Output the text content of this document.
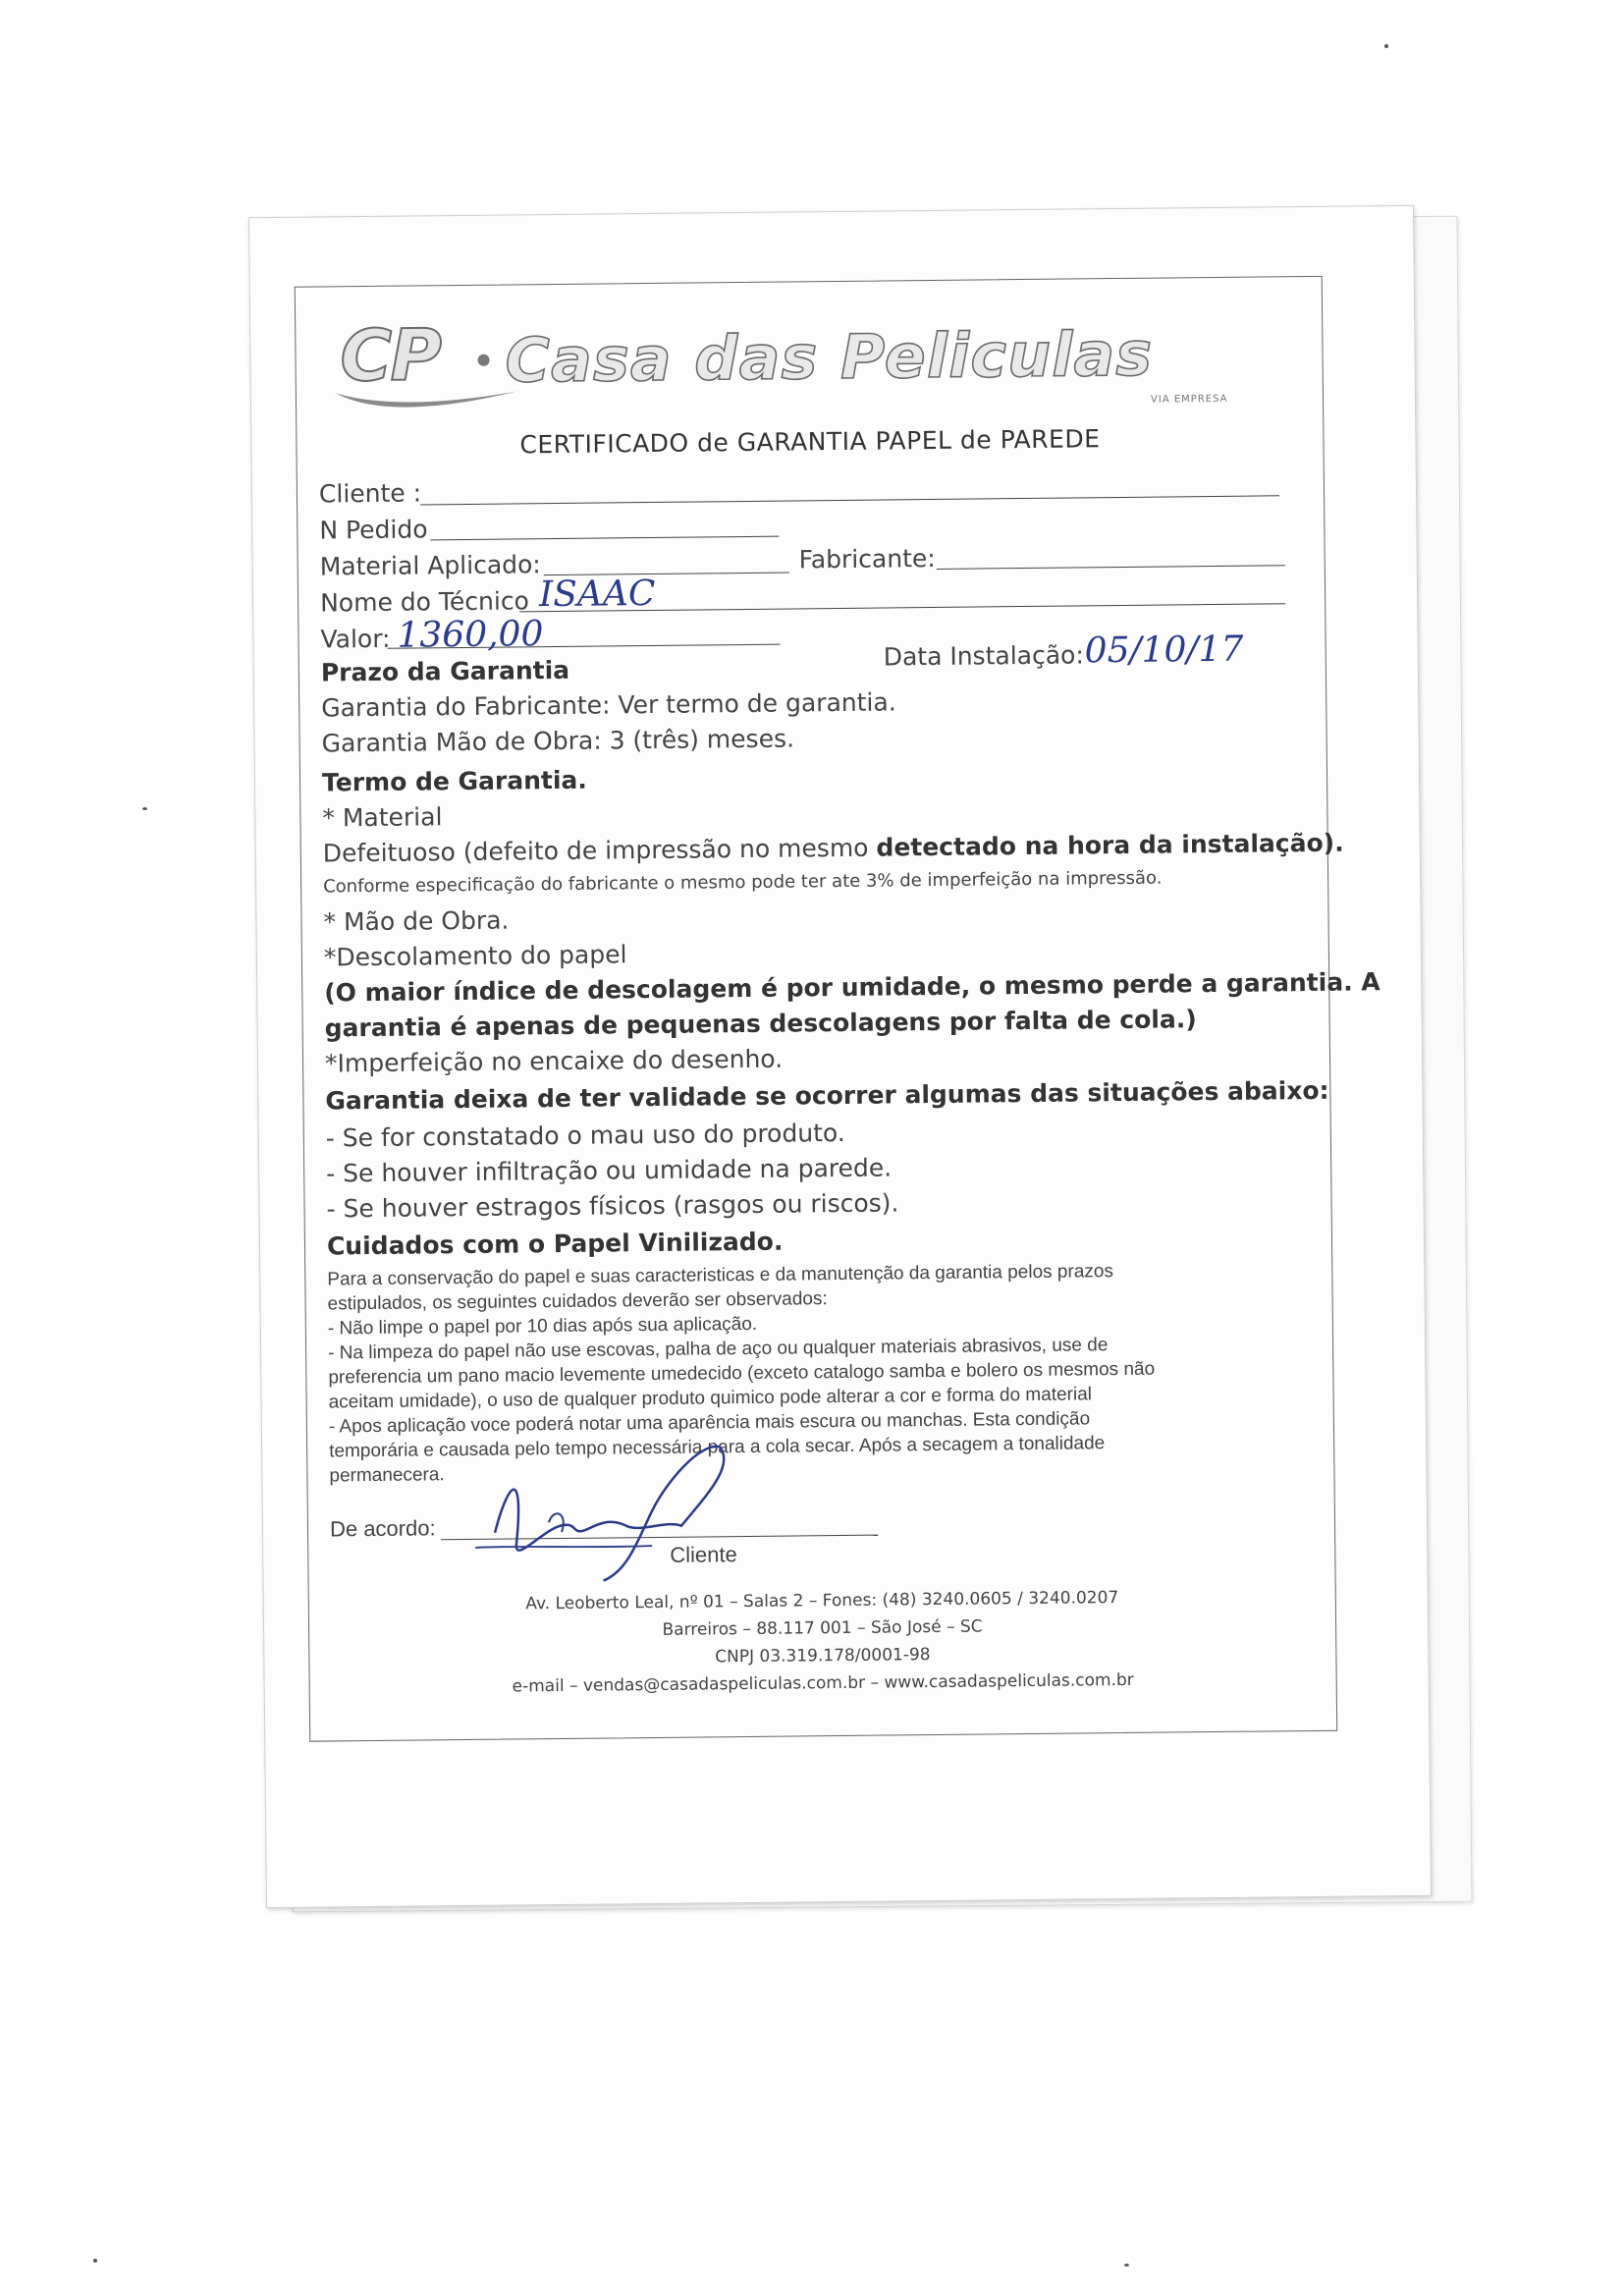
CP Casa das Peliculas
VIA EMPRESA
CERTIFICADO de GARANTIA PAPEL de PAREDE
Cliente :
N Pedido
Material Aplicado:	Fabricante:
Nome do Técnico ISAAC
Valor: 1360,00
Prazo da Garantia	Data Instalação: 05/10/17
Garantia do Fabricante: Ver termo de garantia.
Garantia Mão de Obra: 3 (três) meses.
Termo de Garantia.
* Material
Defeituoso (defeito de impressão no mesmo detectado na hora da instalação).
Conforme especificação do fabricante o mesmo pode ter ate 3% de imperfeição na impressão.
* Mão de Obra.
*Descolamento do papel
(O maior índice de descolagem é por umidade, o mesmo perde a garantia. A
garantia é apenas de pequenas descolagens por falta de cola.)
*Imperfeição no encaixe do desenho.
Garantia deixa de ter validade se ocorrer algumas das situações abaixo:
- Se for constatado o mau uso do produto.
- Se houver infiltração ou umidade na parede.
- Se houver estragos físicos (rasgos ou riscos).
Cuidados com o Papel Vinilizado.
Para a conservação do papel e suas caracteristicas e da manutenção da garantia pelos prazos
estipulados, os seguintes cuidados deverão ser observados:
- Não limpe o papel por 10 dias após sua aplicação.
- Na limpeza do papel não use escovas, palha de aço ou qualquer materiais abrasivos, use de
preferencia um pano macio levemente umedecido (exceto catalogo samba e bolero os mesmos não
aceitam umidade), o uso de qualquer produto quimico pode alterar a cor e forma do material
- Apos aplicação voce poderá notar uma aparência mais escura ou manchas. Esta condição
temporária e causada pelo tempo necessária para a cola secar. Após a secagem a tonalidade
permanecera.
De acordo:
Cliente
Av. Leoberto Leal, nº 01 – Salas 2 – Fones: (48) 3240.0605 / 3240.0207
Barreiros – 88.117 001 – São José – SC
CNPJ 03.319.178/0001-98
e-mail – vendas@casadaspeliculas.com.br – www.casadaspeliculas.com.br
